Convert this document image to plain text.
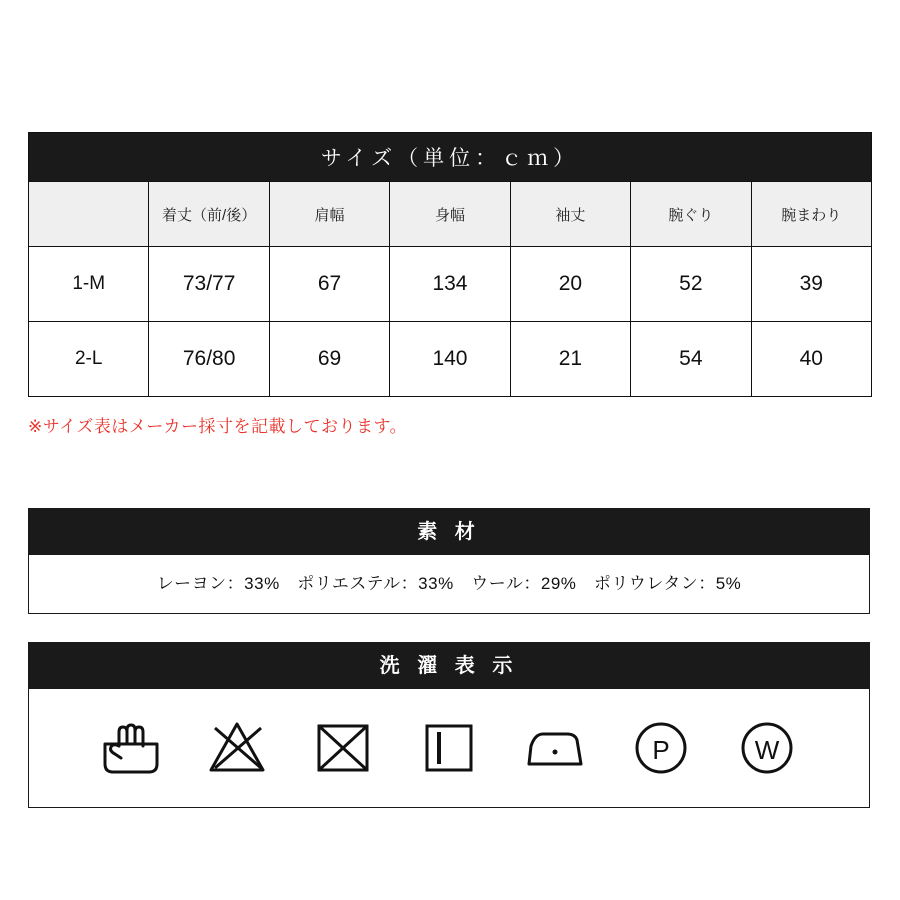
サイズ（単位：ｃｍ）						
	着丈（前/後）	肩幅	身幅	袖丈	腕ぐり	腕まわり
1-M	73/77	67	134	20	52	39
2-L	76/80	69	140	21	54	40
※サイズ表はメーカー採寸を記載しております。
素 材
レーヨン：33%　ポリエステル：33%　ウール：29%　ポリウレタン：5%
洗 濯 表 示
P	W
